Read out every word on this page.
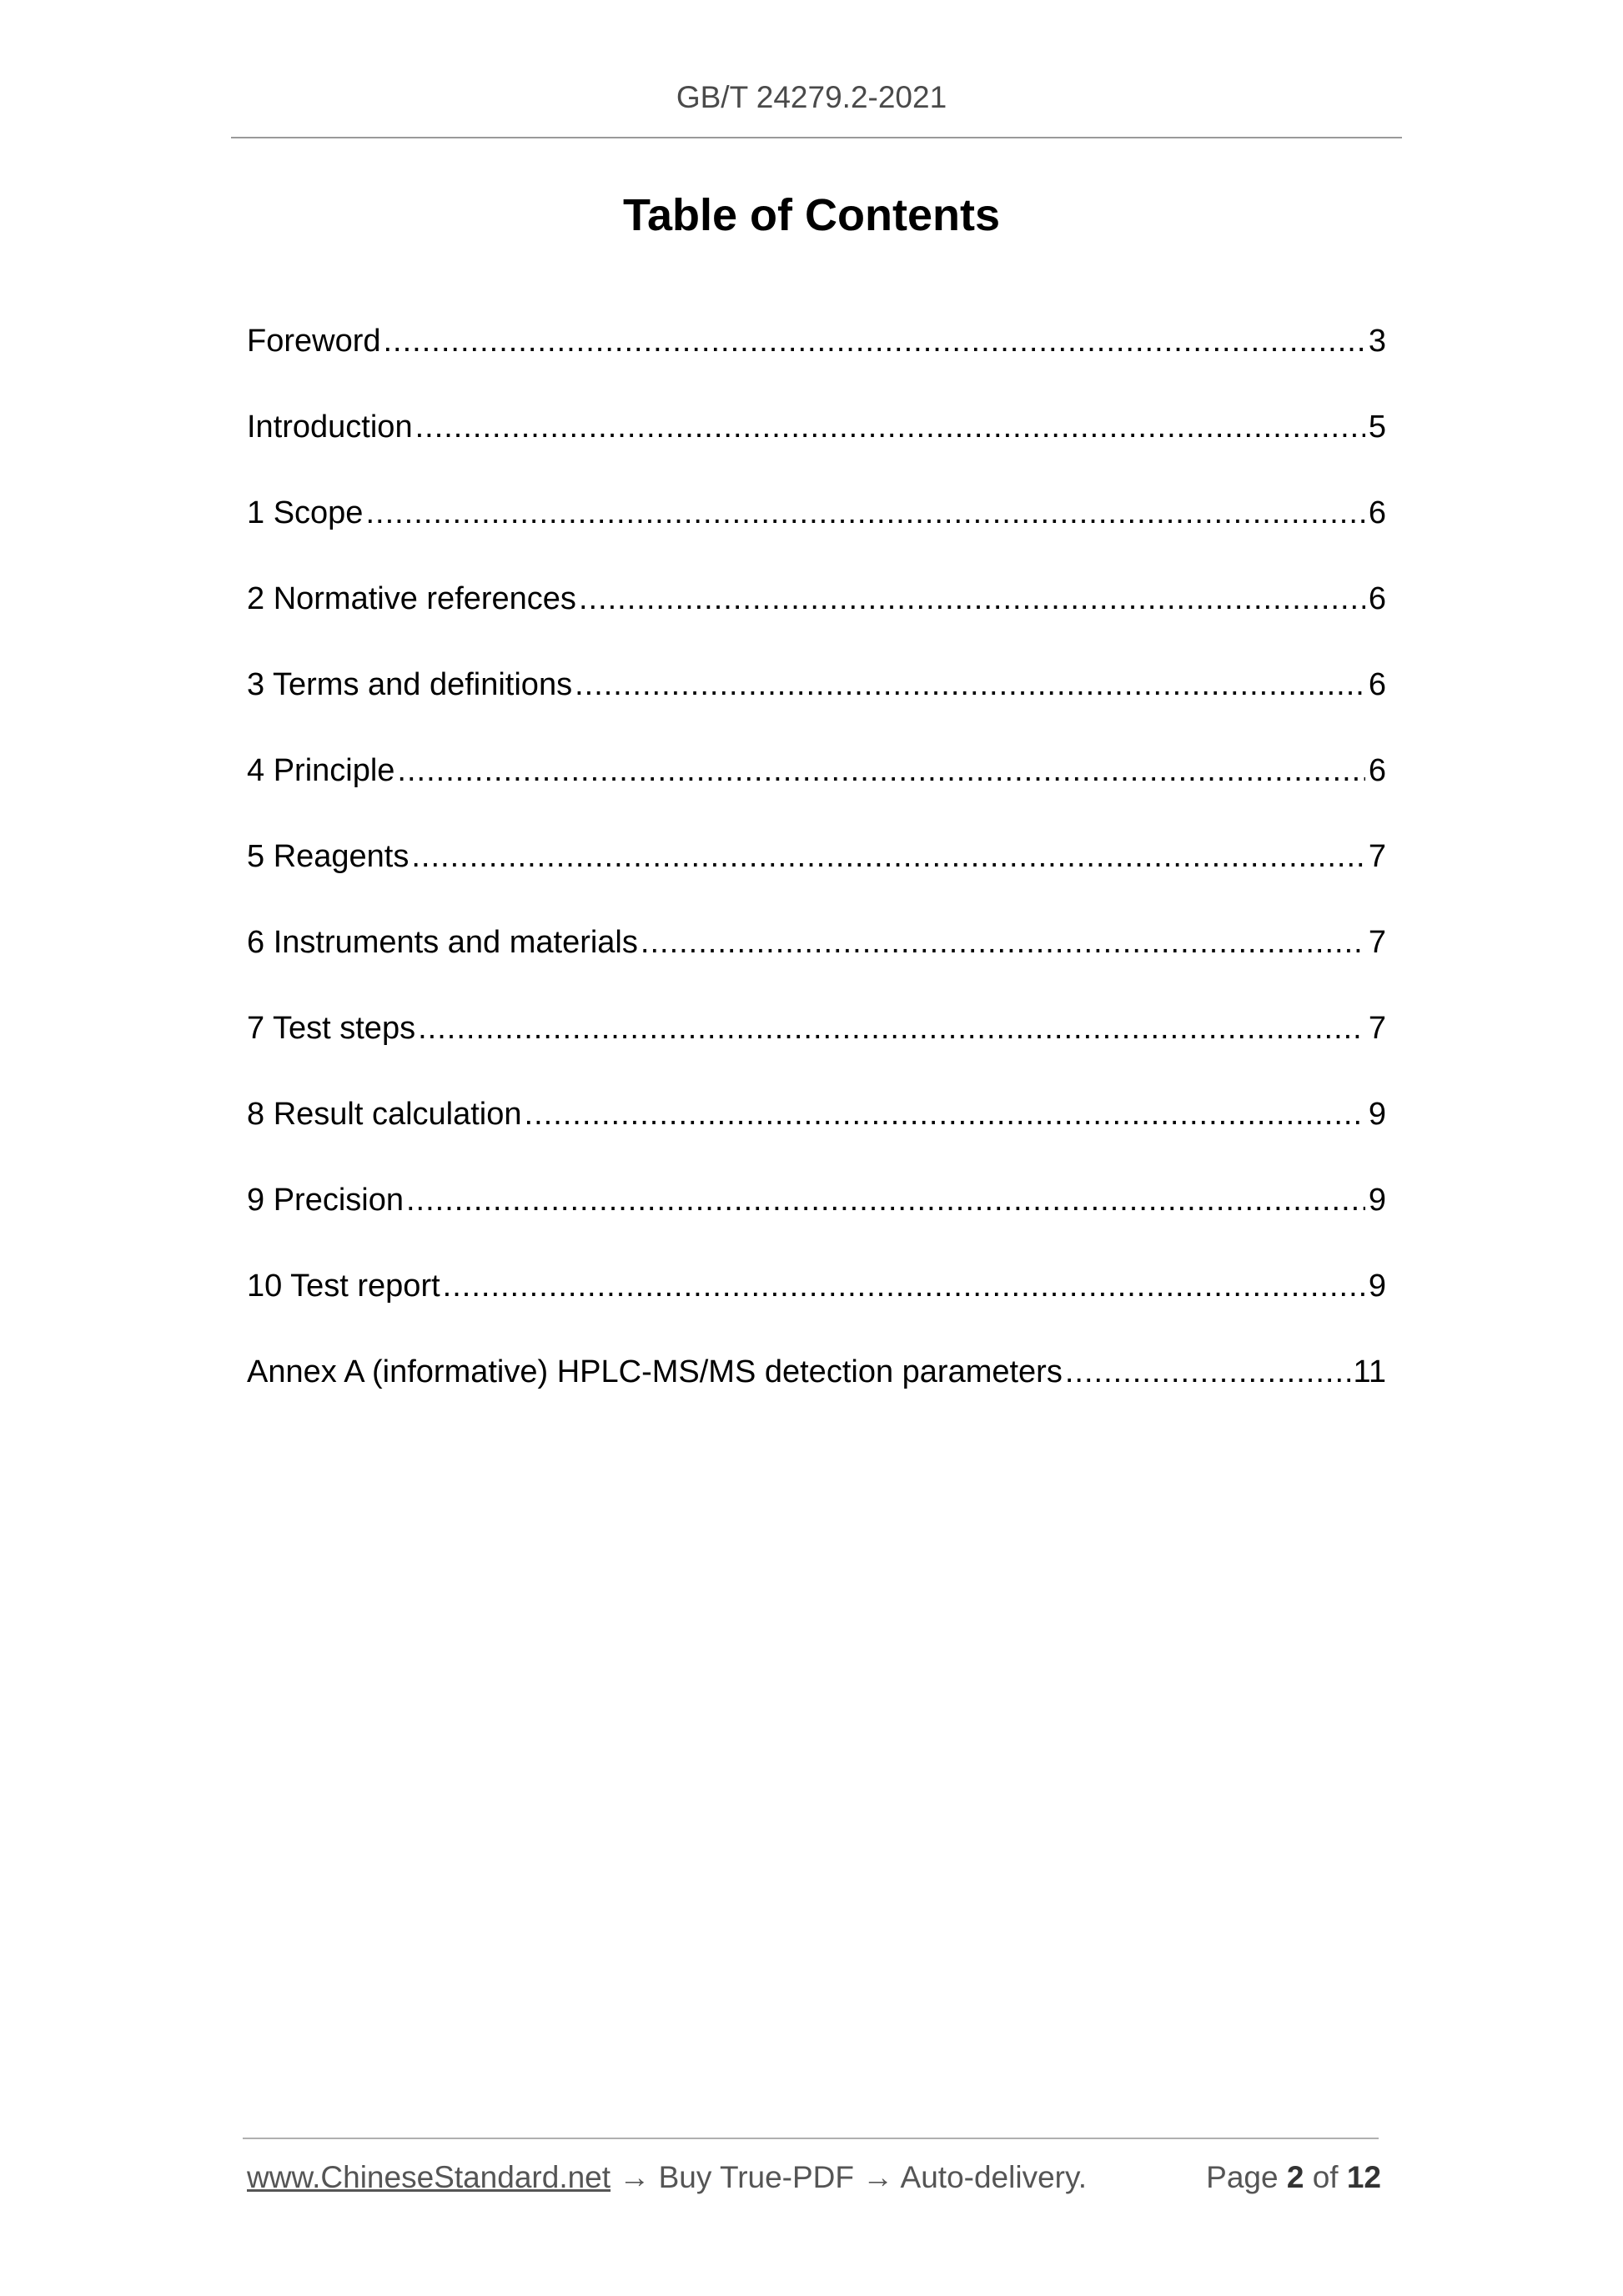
GB/T 24279.2-2021
Table of Contents
Foreword .....	3
Introduction .....	5
1 Scope .....	6
2 Normative references .....	6
3 Terms and definitions .....	6
4 Principle .....	6
5 Reagents .....	7
6 Instruments and materials .....	7
7 Test steps .....	7
8 Result calculation .....	9
9 Precision .....	9
10 Test report .....	9
Annex A (informative) HPLC-MS/MS detection parameters .....	11
www.ChineseStandard.net → Buy True-PDF → Auto-delivery.	Page 2 of 12
